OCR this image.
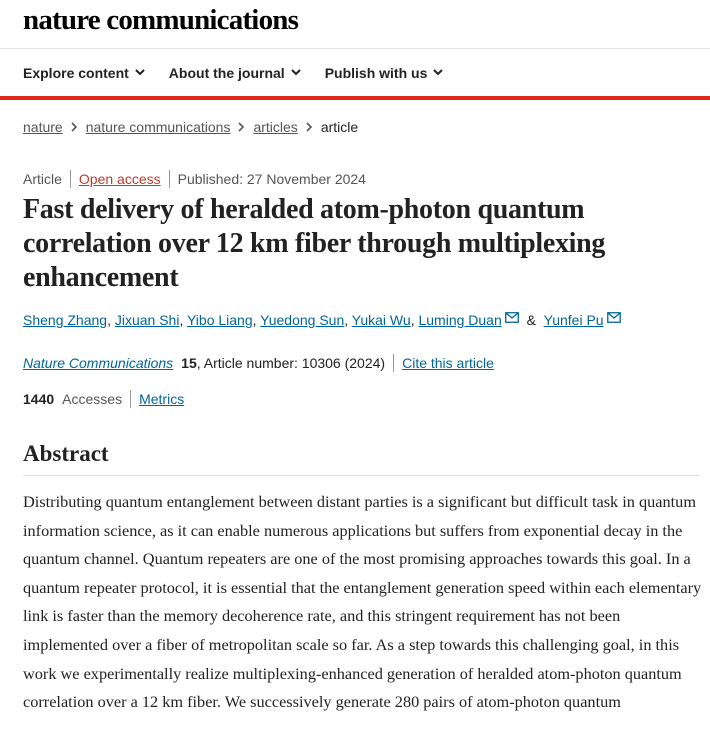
nature communications
Explore content	About the journal	Publish with us
nature nature communications articles article
Article Open access Published: 27 November 2024
Fast delivery of heralded atom-photon quantum correlation over 12 km fiber through multiplexing enhancement
Sheng Zhang, Jixuan Shi, Yibo Liang, Yuedong Sun, Yukai Wu, Luming Duan & Yunfei Pu
Nature Communications 15 , Article number: 10306 (2024) Cite this article
1440 Accesses Metrics
Abstract

Distributing quantum entanglement between distant parties is a significant but difficult task in quantum information science, as it can enable numerous applications but suffers from exponential decay in the quantum channel. Quantum repeaters are one of the most promising approaches towards this goal. In a quantum repeater protocol, it is essential that the entanglement generation speed within each elementary link is faster than the memory decoherence rate, and this stringent requirement has not been implemented over a fiber of metropolitan scale so far. As a step towards this challenging goal, in this work we experimentally realize multiplexing-enhanced generation of heralded atom-photon quantum correlation over a 12 km fiber. We successively generate 280 pairs of atom-photon quantum
